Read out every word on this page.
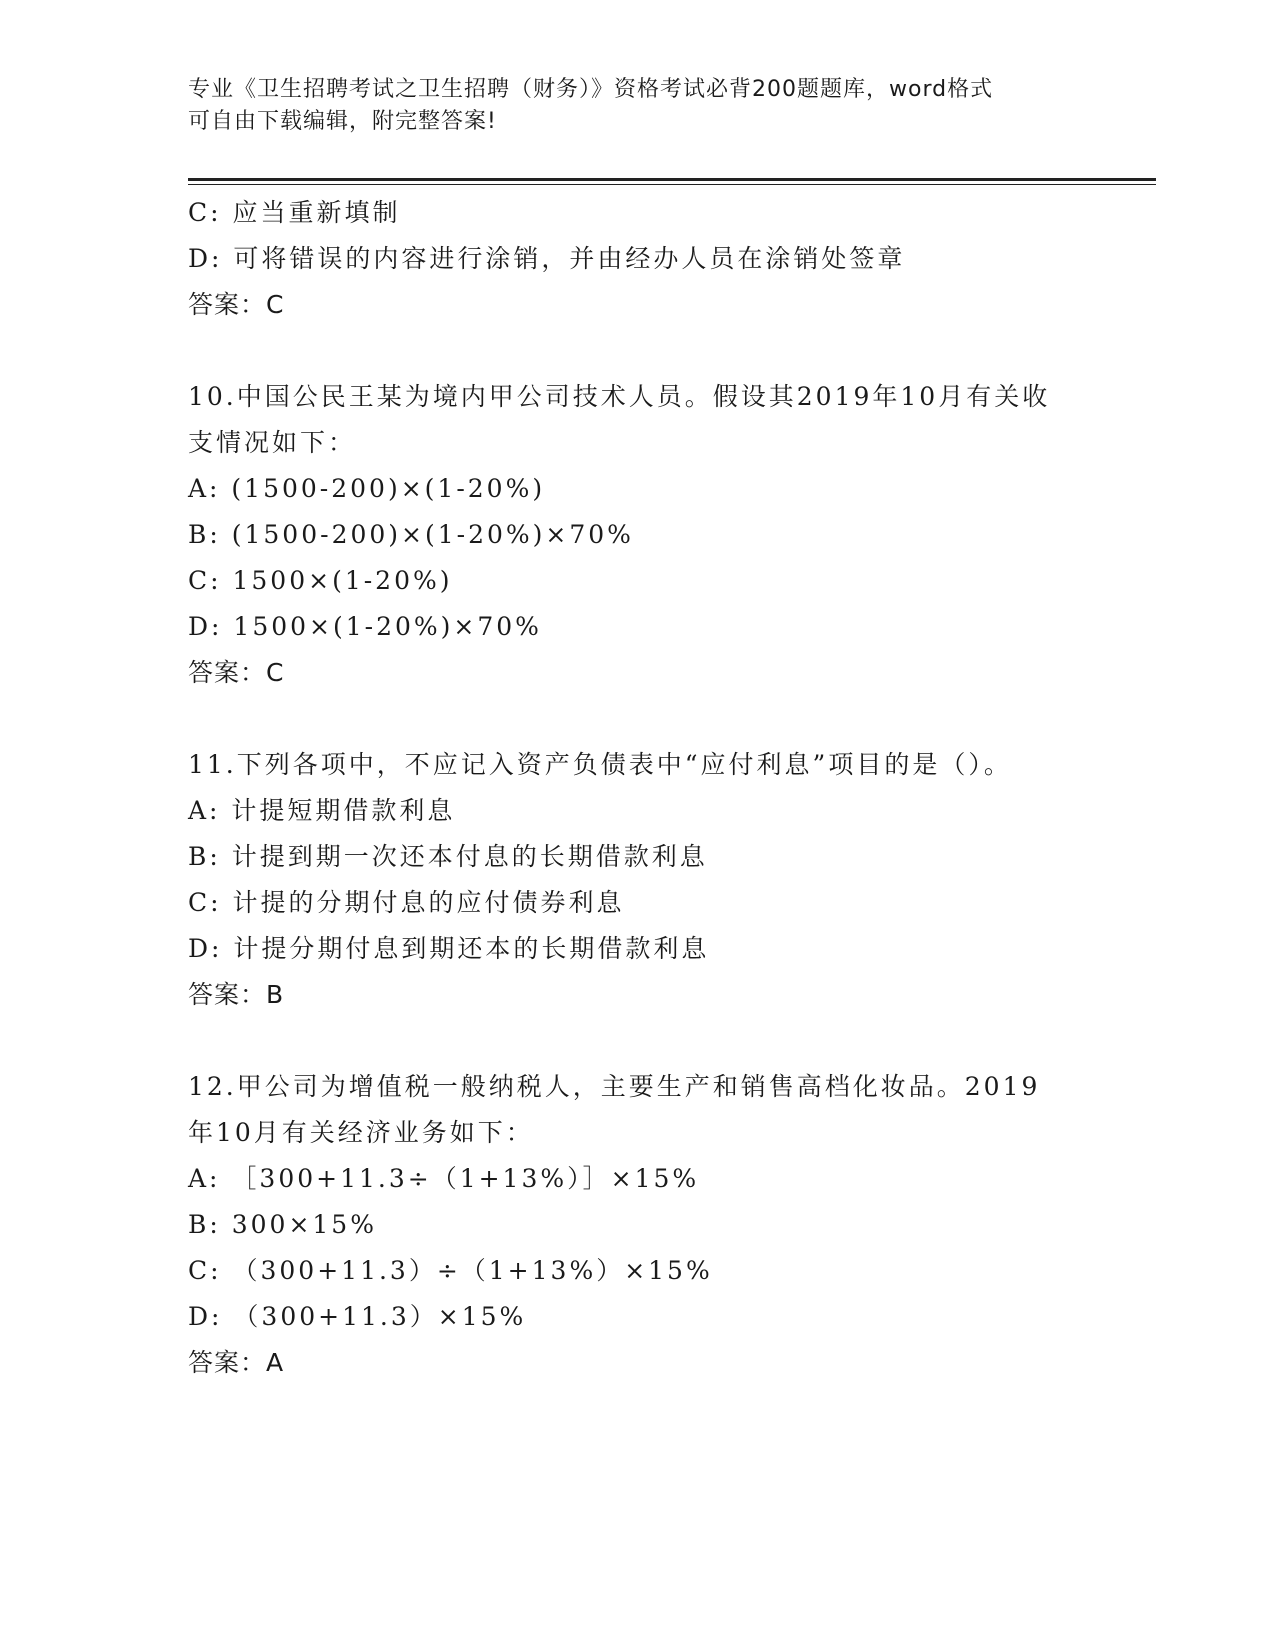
专业《卫生招聘考试之卫生招聘（财务）》资格考试必背200题题库，word格式
可自由下载编辑，附完整答案!
C: 应当重新填制
D: 可将错误的内容进行涂销，并由经办人员在涂销处签章
答案：C
10.中国公民王某为境内甲公司技术人员。假设其2019年10月有关收
支情况如下：
A: (1500-200)×(1-20%)
B: (1500-200)×(1-20%)×70%
C: 1500×(1-20%)
D: 1500×(1-20%)×70%
答案：C
11.下列各项中，不应记入资产负债表中“应付利息”项目的是（）。
A: 计提短期借款利息
B: 计提到期一次还本付息的长期借款利息
C: 计提的分期付息的应付债券利息
D: 计提分期付息到期还本的长期借款利息
答案：B
12.甲公司为增值税一般纳税人，主要生产和销售高档化妆品。2019
年10月有关经济业务如下：
A: ［300+11.3÷（1+13%）］×15%
B: 300×15%
C: （300+11.3）÷（1+13%）×15%
D: （300+11.3）×15%
答案：A
